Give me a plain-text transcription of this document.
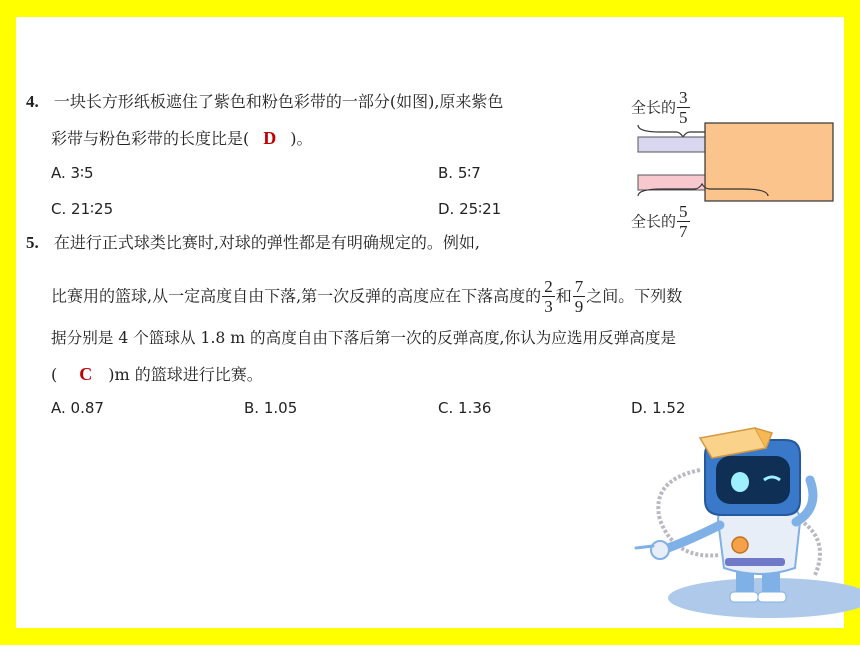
4. 一块长方形纸板遮住了紫色和粉色彩带的一部分(如图),原来紫色
彩带与粉色彩带的长度比是( D )。
A. 3∶5	B. 5∶7
C. 21∶25	D. 25∶21
全长的 $\frac{3}{5}$
全长的 $\frac{5}{7}$
5. 在进行正式球类比赛时,对球的弹性都是有明确规定的。例如,
比赛用的篮球,从一定高度自由下落,第一次反弹的高度应在下落高度的 $\frac{2}{3}$ 和 $\frac{7}{9}$ 之间。下列数
据分别是 4 个篮球从 1.8 m 的高度自由下落后第一次的反弹高度,你认为应选用反弹高度是
( C )m 的篮球进行比赛。
A. 0.87	B. 1.05	C. 1.36	D. 1.52
